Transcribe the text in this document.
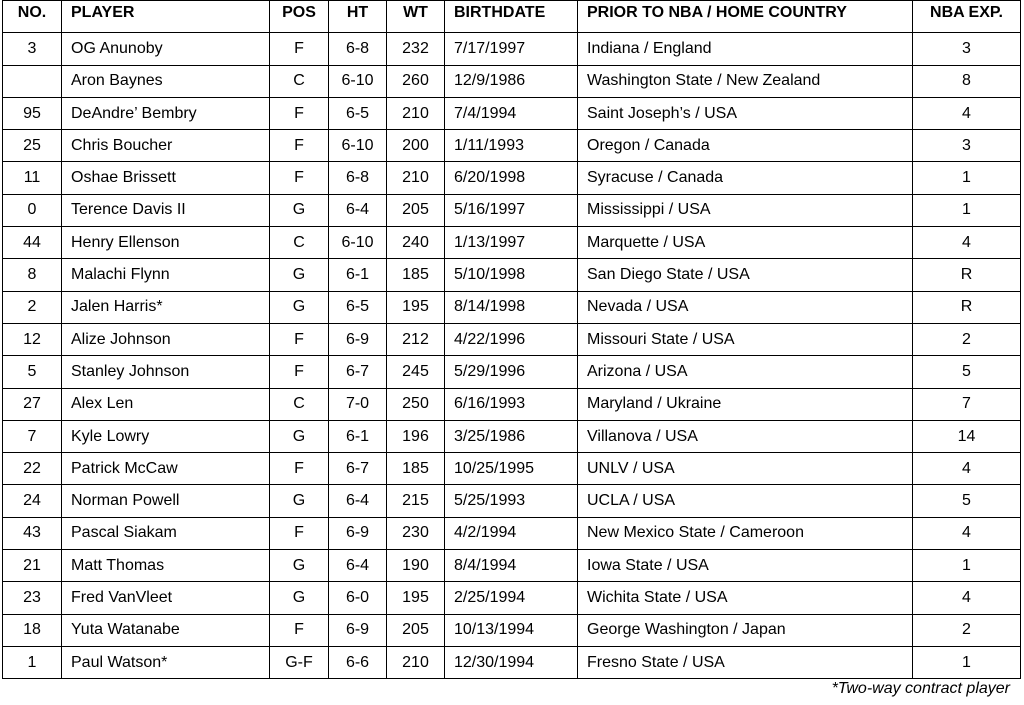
NO.	PLAYER	POS	HT	WT	BIRTHDATE	PRIOR TO NBA / HOME COUNTRY	NBA EXP.
3	OG Anunoby	F	6-8	232	7/17/1997	Indiana / England	3
	Aron Baynes	C	6-10	260	12/9/1986	Washington State / New Zealand	8
95	DeAndre’ Bembry	F	6-5	210	7/4/1994	Saint Joseph’s / USA	4
25	Chris Boucher	F	6-10	200	1/11/1993	Oregon / Canada	3
11	Oshae Brissett	F	6-8	210	6/20/1998	Syracuse / Canada	1
0	Terence Davis II	G	6-4	205	5/16/1997	Mississippi / USA	1
44	Henry Ellenson	C	6-10	240	1/13/1997	Marquette / USA	4
8	Malachi Flynn	G	6-1	185	5/10/1998	San Diego State / USA	R
2	Jalen Harris*	G	6-5	195	8/14/1998	Nevada / USA	R
12	Alize Johnson	F	6-9	212	4/22/1996	Missouri State / USA	2
5	Stanley Johnson	F	6-7	245	5/29/1996	Arizona / USA	5
27	Alex Len	C	7-0	250	6/16/1993	Maryland / Ukraine	7
7	Kyle Lowry	G	6-1	196	3/25/1986	Villanova / USA	14
22	Patrick McCaw	F	6-7	185	10/25/1995	UNLV / USA	4
24	Norman Powell	G	6-4	215	5/25/1993	UCLA / USA	5
43	Pascal Siakam	F	6-9	230	4/2/1994	New Mexico State / Cameroon	4
21	Matt Thomas	G	6-4	190	8/4/1994	Iowa State / USA	1
23	Fred VanVleet	G	6-0	195	2/25/1994	Wichita State / USA	4
18	Yuta Watanabe	F	6-9	205	10/13/1994	George Washington / Japan	2
1	Paul Watson*	G-F	6-6	210	12/30/1994	Fresno State / USA	1
*Two-way contract player
